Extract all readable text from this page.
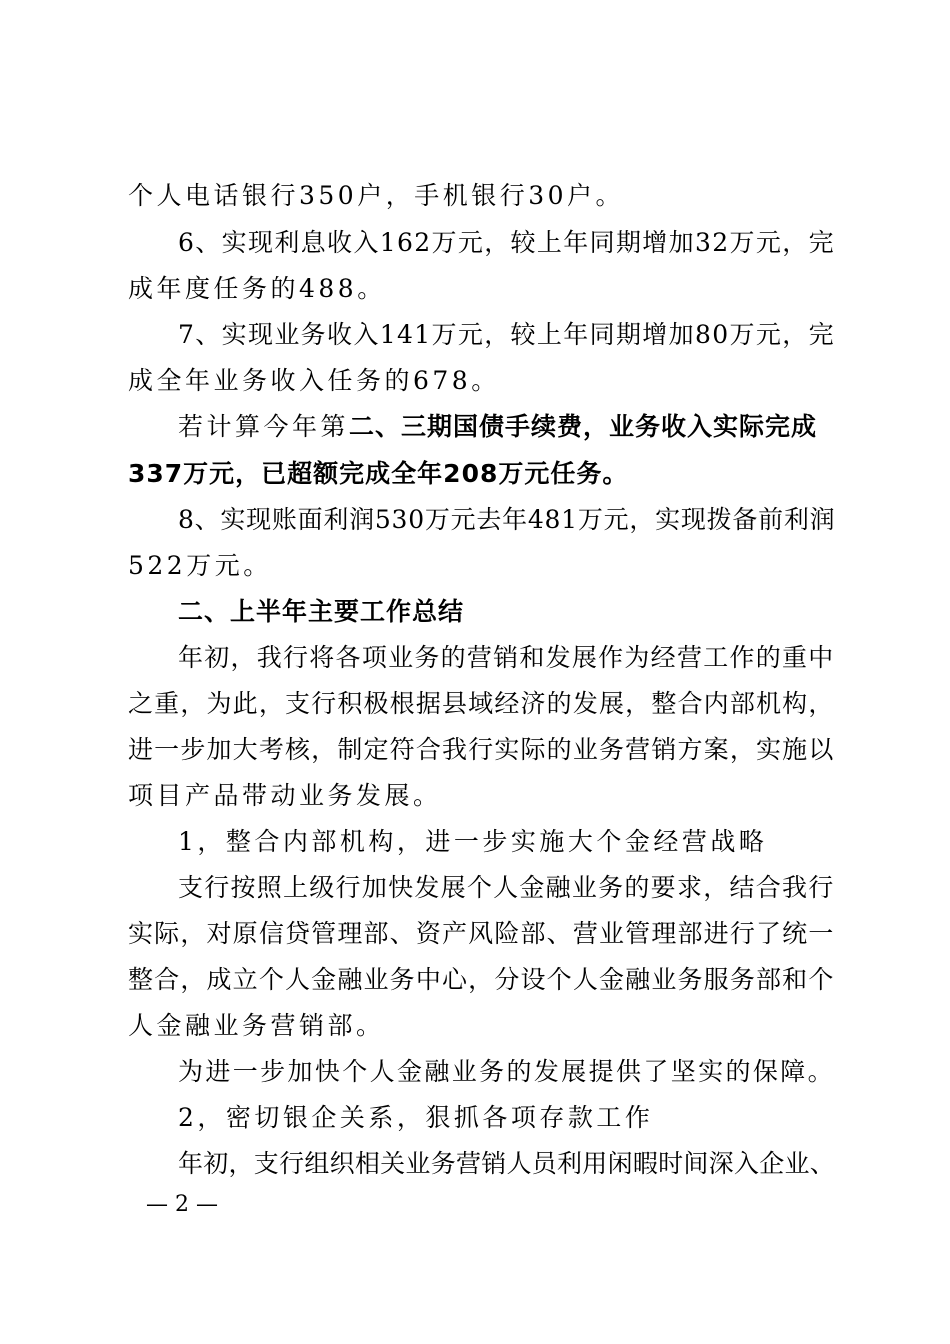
个人电话银行350户，手机银行30户。
6、实现利息收入162万元，较上年同期增加32万元，完
成年度任务的488。
7、实现业务收入141万元，较上年同期增加80万元，完
成全年业务收入任务的678。
若计算今年第二、三期国债手续费，业务收入实际完成
337万元，已超额完成全年208万元任务。
8、实现账面利润530万元去年481万元，实现拨备前利润
522万元。
二、上半年主要工作总结
年初，我行将各项业务的营销和发展作为经营工作的重中
之重，为此，支行积极根据县域经济的发展，整合内部机构，
进一步加大考核，制定符合我行实际的业务营销方案，实施以
项目产品带动业务发展。
1，整合内部机构，进一步实施大个金经营战略
支行按照上级行加快发展个人金融业务的要求，结合我行
实际，对原信贷管理部、资产风险部、营业管理部进行了统一
整合，成立个人金融业务中心，分设个人金融业务服务部和个
人金融业务营销部。
为进一步加快个人金融业务的发展提供了坚实的保障。
2，密切银企关系，狠抓各项存款工作
年初，支行组织相关业务营销人员利用闲暇时间深入企业、
— 2 —
